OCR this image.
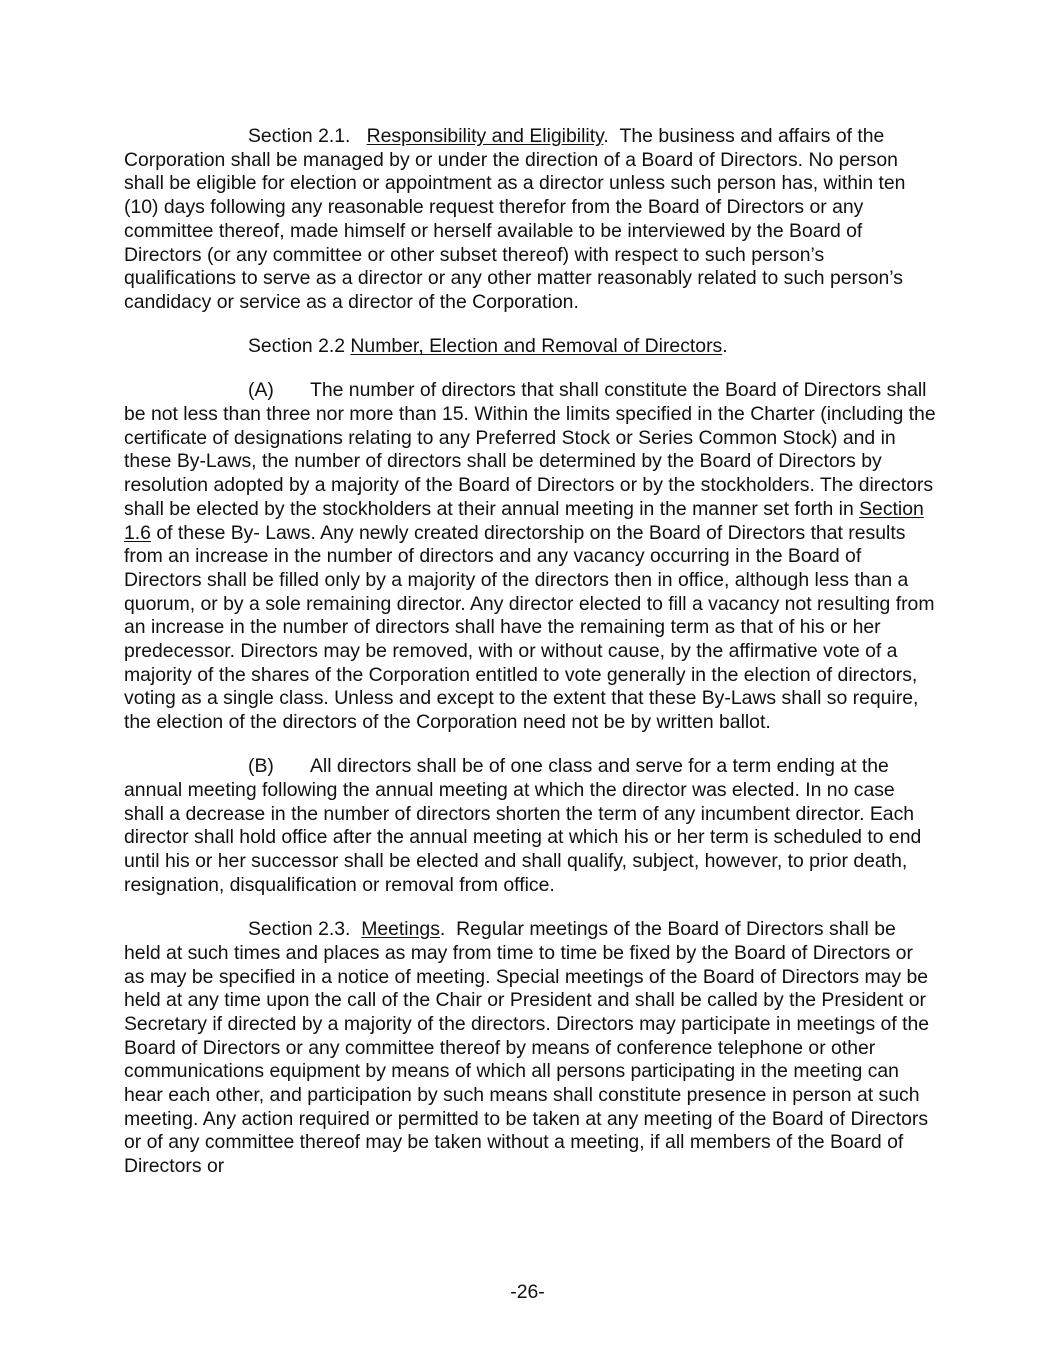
Section 2.1. Responsibility and Eligibility. The business and affairs of the Corporation shall be managed by or under the direction of a Board of Directors. No person shall be eligible for election or appointment as a director unless such person has, within ten (10) days following any reasonable request therefor from the Board of Directors or any committee thereof, made himself or herself available to be interviewed by the Board of Directors (or any committee or other subset thereof) with respect to such person’s qualifications to serve as a director or any other matter reasonably related to such person’s candidacy or service as a director of the Corporation.

Section 2.2 Number, Election and Removal of Directors.

(A) The number of directors that shall constitute the Board of Directors shall be not less than three nor more than 15. Within the limits specified in the Charter (including the certificate of designations relating to any Preferred Stock or Series Common Stock) and in these By-Laws, the number of directors shall be determined by the Board of Directors by resolution adopted by a majority of the Board of Directors or by the stockholders. The directors shall be elected by the stockholders at their annual meeting in the manner set forth in Section 1.6 of these By- Laws. Any newly created directorship on the Board of Directors that results from an increase in the number of directors and any vacancy occurring in the Board of Directors shall be filled only by a majority of the directors then in office, although less than a quorum, or by a sole remaining director. Any director elected to fill a vacancy not resulting from an increase in the number of directors shall have the remaining term as that of his or her predecessor. Directors may be removed, with or without cause, by the affirmative vote of a majority of the shares of the Corporation entitled to vote generally in the election of directors, voting as a single class. Unless and except to the extent that these By-Laws shall so require, the election of the directors of the Corporation need not be by written ballot.

(B) All directors shall be of one class and serve for a term ending at the annual meeting following the annual meeting at which the director was elected. In no case shall a decrease in the number of directors shorten the term of any incumbent director. Each director shall hold office after the annual meeting at which his or her term is scheduled to end until his or her successor shall be elected and shall qualify, subject, however, to prior death, resignation, disqualification or removal from office.

Section 2.3. Meetings. Regular meetings of the Board of Directors shall be held at such times and places as may from time to time be fixed by the Board of Directors or as may be specified in a notice of meeting. Special meetings of the Board of Directors may be held at any time upon the call of the Chair or President and shall be called by the President or Secretary if directed by a majority of the directors. Directors may participate in meetings of the Board of Directors or any committee thereof by means of conference telephone or other communications equipment by means of which all persons participating in the meeting can hear each other, and participation by such means shall constitute presence in person at such meeting. Any action required or permitted to be taken at any meeting of the Board of Directors or of any committee thereof may be taken without a meeting, if all members of the Board of Directors or

-26-
